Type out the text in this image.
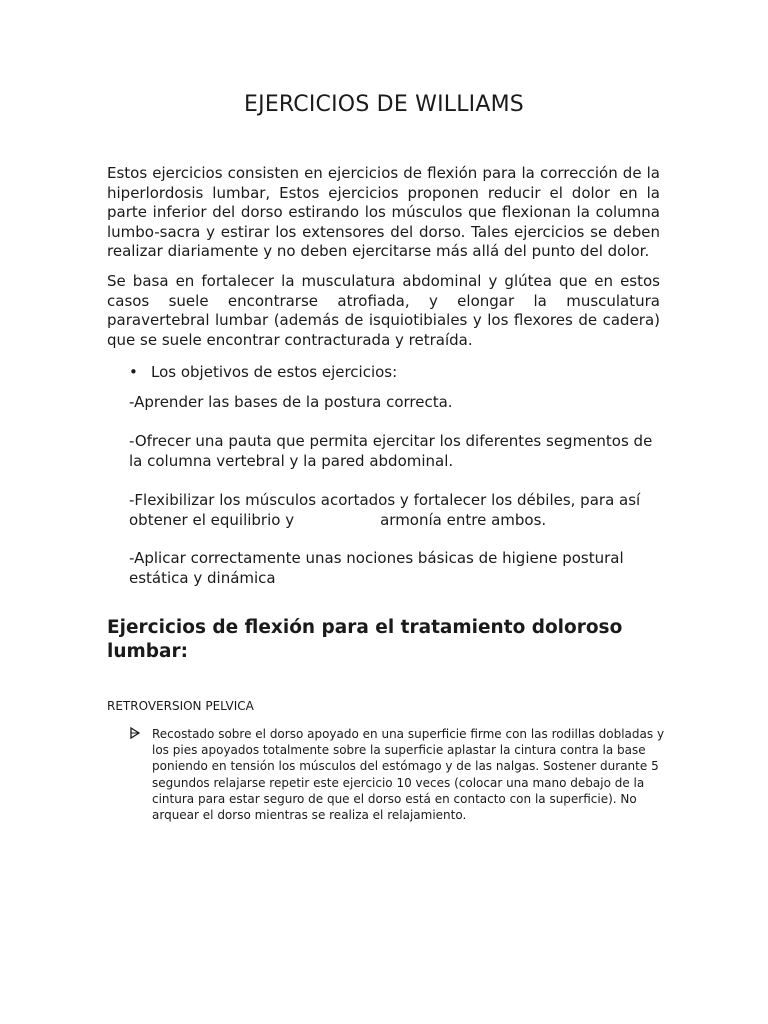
EJERCICIOS DE WILLIAMS

Estos ejercicios consisten en ejercicios de flexión para la corrección de la hiperlordosis lumbar, Estos ejercicios proponen reducir el dolor en la parte inferior del dorso estirando los músculos que flexionan la columna lumbo-sacra y estirar los extensores del dorso. Tales ejercicios se deben realizar diariamente y no deben ejercitarse más allá del punto del dolor.

Se basa en fortalecer la musculatura abdominal y glútea que en estos casos suele encontrarse atrofiada, y elongar la musculatura paravertebral lumbar (además de isquiotibiales y los flexores de cadera) que se suele encontrar contracturada y retraída.

• Los objetivos de estos ejercicios:

-Aprender las bases de la postura correcta.

-Ofrecer una pauta que permita ejercitar los diferentes segmentos de la columna vertebral y la pared abdominal.

-Flexibilizar los músculos acortados y fortalecer los débiles, para así obtener el equilibrio y	armonía entre ambos.

-Aplicar correctamente unas nociones básicas de higiene postural estática y dinámica

Ejercicios de flexión para el tratamiento doloroso lumbar:

RETROVERSION PELVICA

Recostado sobre el dorso apoyado en una superficie firme con las rodillas dobladas y los pies apoyados totalmente sobre la superficie aplastar la cintura contra la base poniendo en tensión los músculos del estómago y de las nalgas. Sostener durante 5 segundos relajarse repetir este ejercicio 10 veces (colocar una mano debajo de la cintura para estar seguro de que el dorso está en contacto con la superficie). No arquear el dorso mientras se realiza el relajamiento.
